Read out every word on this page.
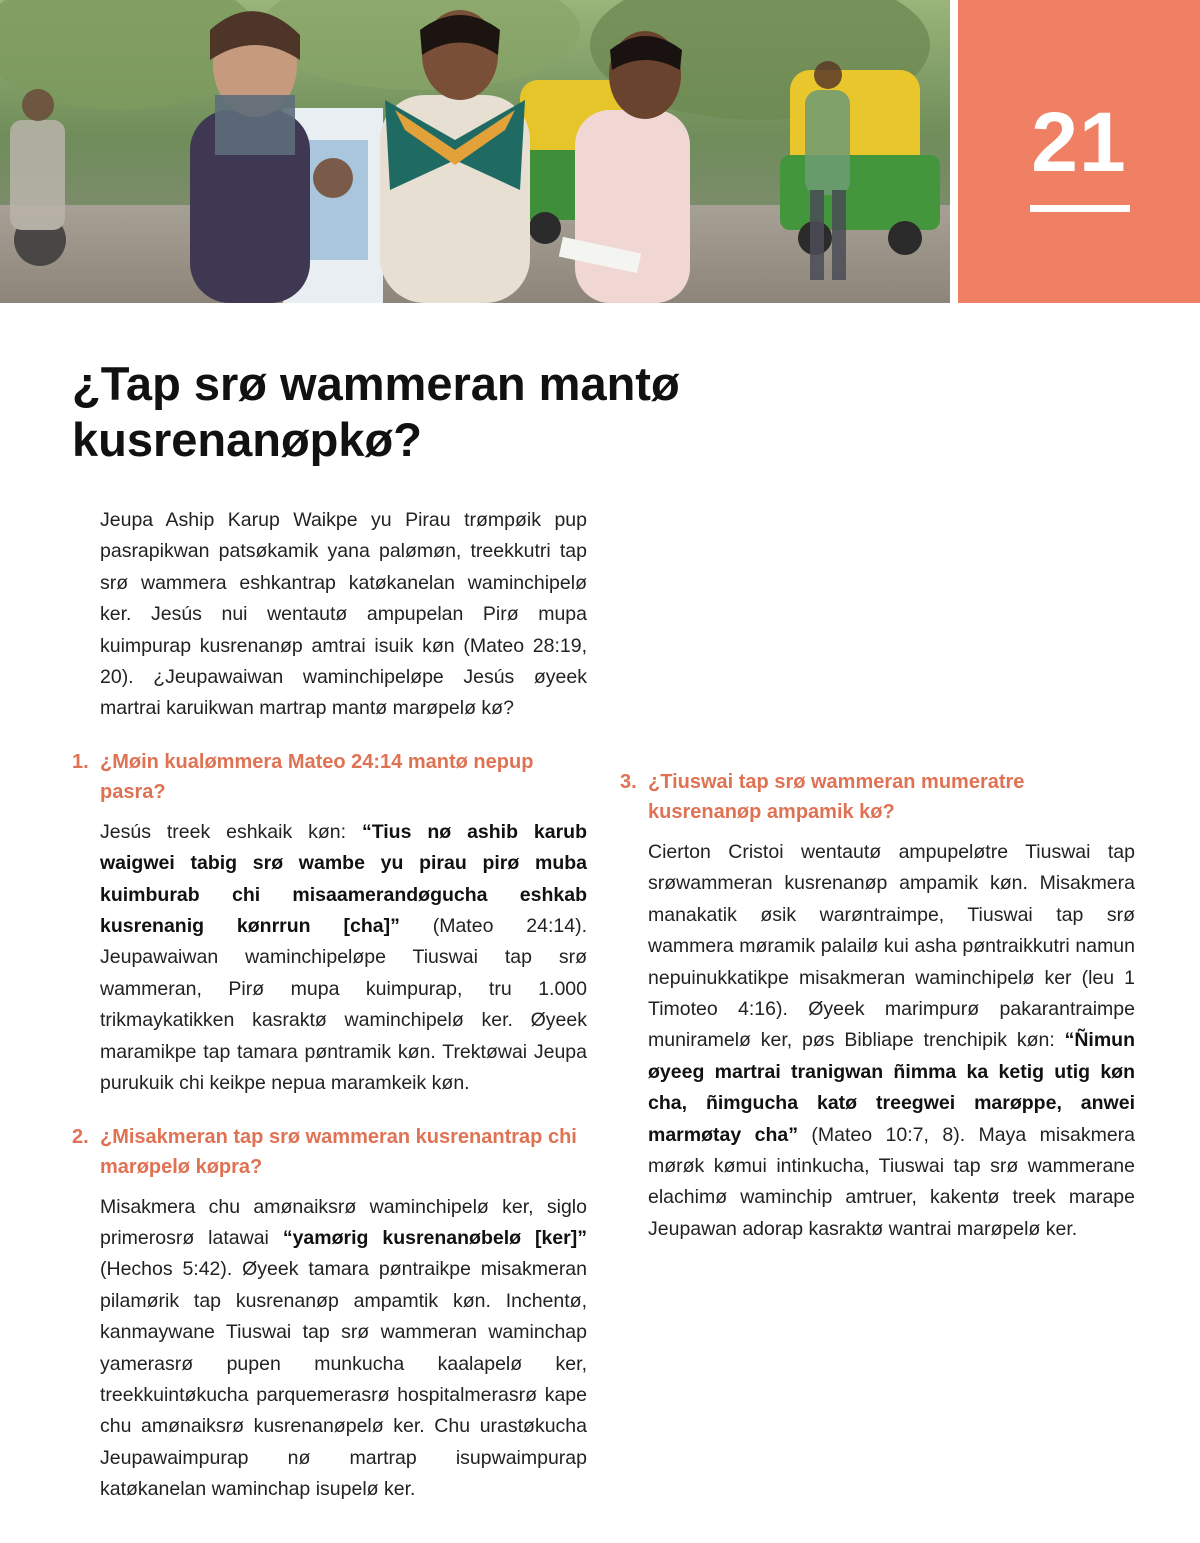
21
¿Tap srø wammeran mantø kusrenanøpkø?

Jeupa Aship Karup Waikpe yu Pirau trømpøik pup pasrapikwan patsøkamik yana palømøn, treekkutri tap srø wammera eshkantrap katøkanelan waminchipelø ker. Jesús nui wentautø ampupelan Pirø mupa kuimpurap kusrenanøp amtrai isuik køn (Mateo 28:19, 20). ¿Jeupawaiwan waminchipeløpe Jesús øyeek martrai karuikwan martrap mantø marøpelø kø?

1. ¿Møin kualømmera Mateo 24:14 mantø nepup pasra?

Jesús treek eshkaik køn: “Tius nø ashib karub waigwei tabig srø wambe yu pirau pirø muba kuimburab chi misaamerandøgucha eshkab kusrenanig kønrrun [cha]” (Mateo 24:14). Jeupawaiwan waminchipeløpe Tiuswai tap srø wammeran, Pirø mupa kuimpurap, tru 1.000 trikmaykatikken kasraktø waminchipelø ker. Øyeek maramikpe tap tamara pøntramik køn. Trektøwai Jeupa purukuik chi keikpe nepua maramkeik køn.

2. ¿Misakmeran tap srø wammeran kusrenantrap chi marøpelø køpra?

Misakmera chu amønaiksrø waminchipelø ker, siglo primerosrø latawai “yamørig kusrenanøbelø [ker]” (Hechos 5:42). Øyeek tamara pøntraikpe misakmeran pilamørik tap kusrenanøp ampamtik køn. Inchentø, kanmaywane Tiuswai tap srø wammeran waminchap yamerasrø pupen munkucha kaalapelø ker, treekkuintøkucha parquemerasrø hospitalmerasrø kape chu amønaiksrø kusrenanøpelø ker. Chu urastøkucha Jeupawaimpurap nø martrap isupwaimpurap katøkanelan waminchap isupelø ker.

3. ¿Tiuswai tap srø wammeran mumeratre kusrenanøp ampamik kø?

Cierton Cristoi wentautø ampupeløtre Tiuswai tap srøwammeran kusrenanøp ampamik køn. Misakmera manakatik øsik warøntraimpe, Tiuswai tap srø wammera møramik palailø kui asha pøntraikkutri namun nepuinukkatikpe misakmeran waminchipelø ker (leu 1 Timoteo 4:16). Øyeek marimpurø pakarantraimpe muniramelø ker, pøs Bibliape trenchipik køn: “Ñimun øyeeg martrai tranigwan ñimma ka ketig utig køn cha, ñimgucha katø treegwei marøppe, anwei marmøtay cha” (Mateo 10:7, 8). Maya misakmera mørøk kømui intinkucha, Tiuswai tap srø wammerane elachimø waminchip amtruer, kakentø treek marape Jeupawan adorap kasraktø wantrai marøpelø ker.
